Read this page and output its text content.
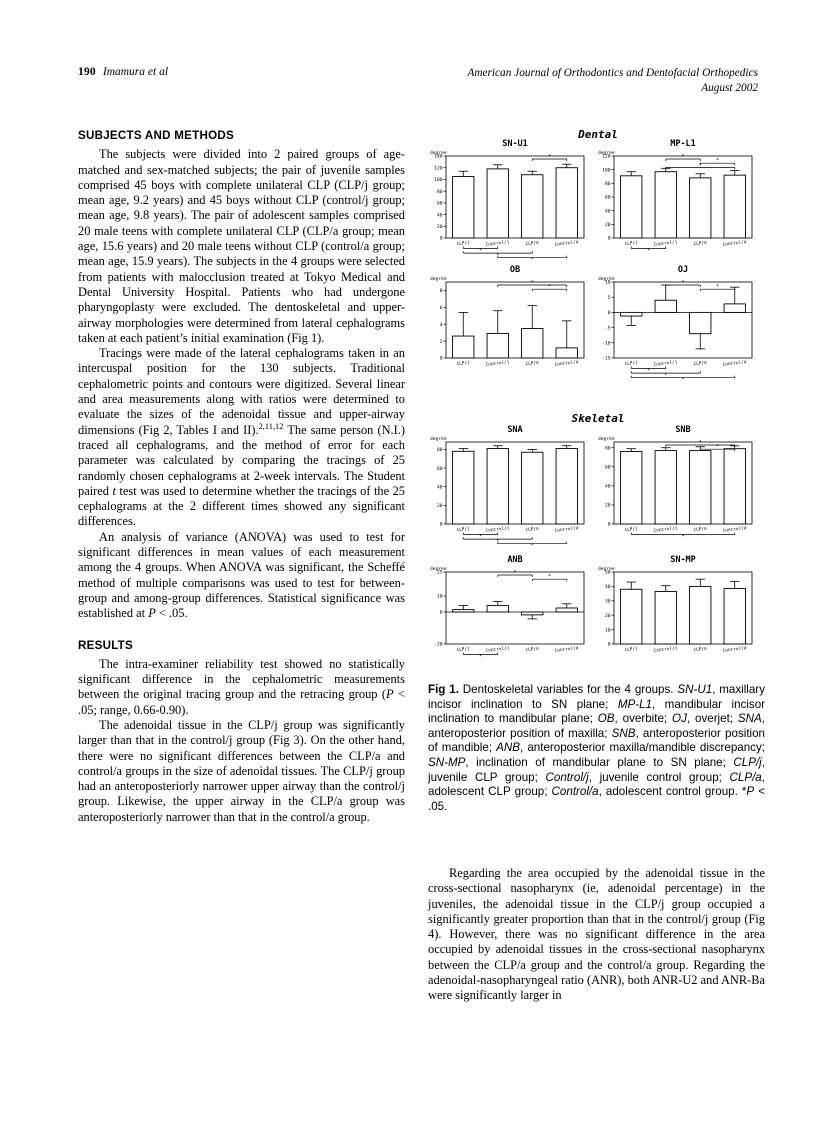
190 Imamura et al	American Journal of Orthodontics and Dentofacial Orthopedics
August 2002
SUBJECTS AND METHODS

The subjects were divided into 2 paired groups of age-matched and sex-matched subjects; the pair of juvenile samples comprised 45 boys with complete unilateral CLP (CLP/j group; mean age, 9.2 years) and 45 boys without CLP (control/j group; mean age, 9.8 years). The pair of adolescent samples comprised 20 male teens with complete unilateral CLP (CLP/a group; mean age, 15.6 years) and 20 male teens without CLP (control/a group; mean age, 15.9 years). The subjects in the 4 groups were selected from patients with malocclusion treated at Tokyo Medical and Dental University Hospital. Patients who had undergone pharyngoplasty were excluded. The dentoskeletal and upper-airway morphologies were determined from lateral cephalograms taken at each patient’s initial examination (Fig 1).

Tracings were made of the lateral cephalograms taken in an intercuspal position for the 130 subjects. Traditional cephalometric points and contours were digitized. Several linear and area measurements along with ratios were determined to evaluate the sizes of the adenoidal tissue and upper-airway dimensions (Fig 2, Tables I and II).$^{2,11,12}$ The same person (N.I.) traced all cephalograms, and the method of error for each parameter was calculated by comparing the tracings of 25 randomly chosen cephalograms at 2-week intervals. The Student paired t test was used to determine whether the tracings of the 25 cephalograms at the 2 different times showed any significant differences.

An analysis of variance (ANOVA) was used to test for significant differences in mean values of each measurement among the 4 groups. When ANOVA was significant, the Scheffé method of multiple comparisons was used to test for between-group and among-group differences. Statistical significance was established at P < .05.

RESULTS

The intra-examiner reliability test showed no statistically significant difference in the cephalometric measurements between the original tracing group and the retracing group (P < .05; range, 0.66-0.90).

The adenoidal tissue in the CLP/j group was significantly larger than that in the control/j group (Fig 3). On the other hand, there were no significant differences between the CLP/a and control/a groups in the size of adenoidal tissues. The CLP/j group had an anteroposteriorly narrower upper airway than the control/j group. Likewise, the upper airway in the CLP/a group was anteroposteriorly narrower than that in the control/a group.

Dental
Skeletal
SN-U1
degree
0
20
40
60
80
100
120
140
CLP/j	Control/j	CLP/a	Control/a
*
*
*
*
MP-L1
degree
0
20
40
60
80
100
120
CLP/j	Control/j	CLP/a	Control/a
*
*
*
*
OB
degree
0
2
4
6
8
CLP/j	Control/j	CLP/a	Control/a
*
*
OJ
degree
-15
-10
-5
0
5
10
CLP/j	Control/j	CLP/a	Control/a
*
*
*
*
*
SNA
degree
0
20
40
60
80
CLP/j	Control/j	CLP/a	Control/a
*
*
*
SNB
degree
0
20
40
60
80
CLP/j	Control/j	CLP/a	Control/a
*
*
*
ANB
degree
-20
0
10
25
CLP/j	Control/j	CLP/a	Control/a
*
*
*
SN-MP
degree
0
10
20
30
40
50
CLP/j	Control/j	CLP/a	Control/a
Fig 1. Dentoskeletal variables for the 4 groups. SN-U1, maxillary incisor inclination to SN plane; MP-L1, mandibular incisor inclination to mandibular plane; OB, overbite; OJ, overjet; SNA, anteroposterior position of maxilla; SNB, anteroposterior position of mandible; ANB, anteroposterior maxilla/mandible discrepancy; SN-MP, inclination of mandibular plane to SN plane; CLP/j, juvenile CLP group; Control/j, juvenile control group; CLP/a, adolescent CLP group; Control/a, adolescent control group. *P < .05.

Regarding the area occupied by the adenoidal tissue in the cross-sectional nasopharynx (ie, adenoidal percentage) in the juveniles, the adenoidal tissue in the CLP/j group occupied a significantly greater proportion than that in the control/j group (Fig 4). However, there was no significant difference in the area occupied by adenoidal tissues in the cross-sectional nasopharynx between the CLP/a group and the control/a group. Regarding the adenoidal-nasopharyngeal ratio (ANR), both ANR-U2 and ANR-Ba were significantly larger in
